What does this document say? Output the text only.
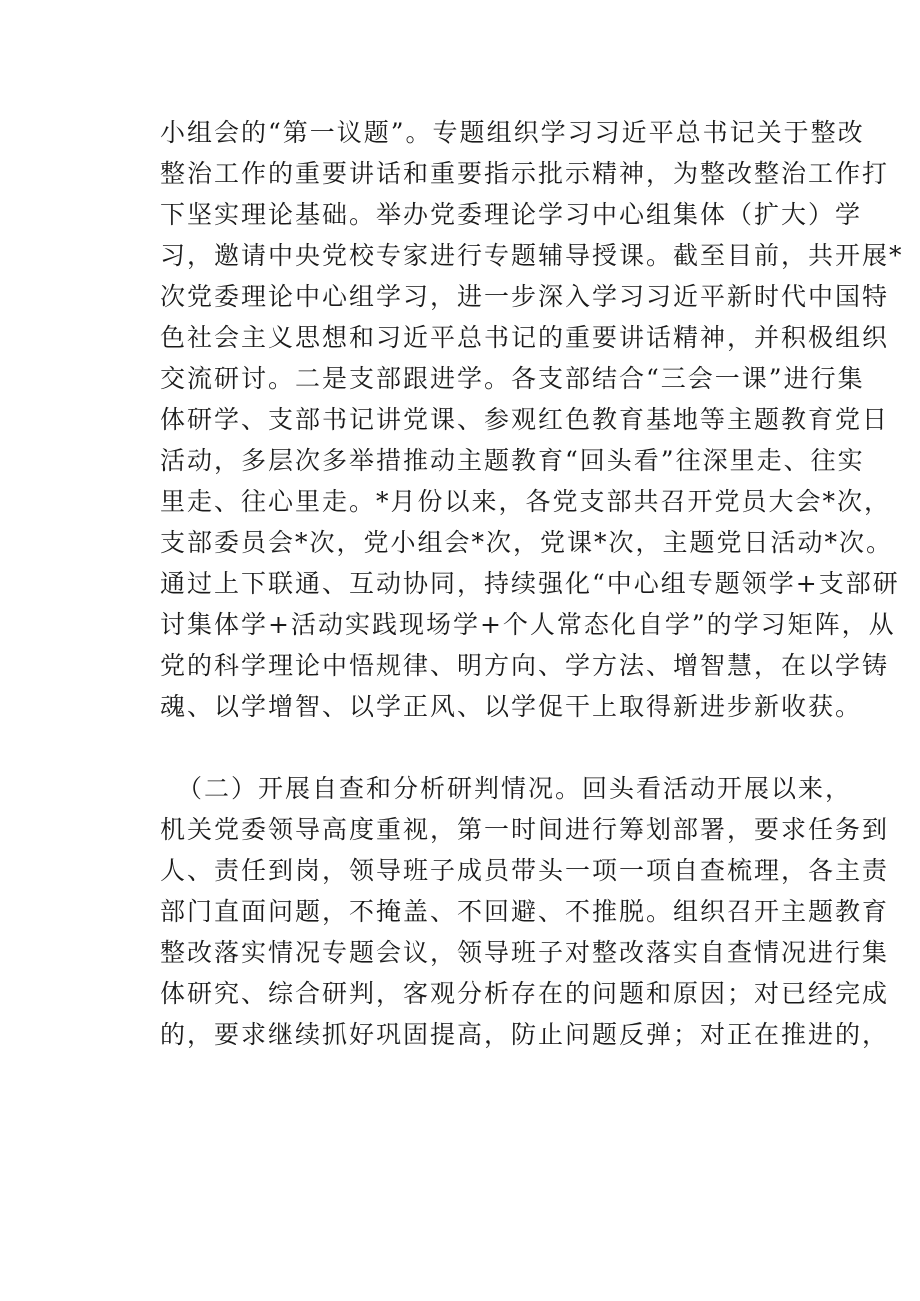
小组会的“第一议题”。专题组织学习习近平总书记关于整改
整治工作的重要讲话和重要指示批示精神，为整改整治工作打
下坚实理论基础。举办党委理论学习中心组集体（扩大）学
习，邀请中央党校专家进行专题辅导授课。截至目前，共开展*
次党委理论中心组学习，进一步深入学习习近平新时代中国特
色社会主义思想和习近平总书记的重要讲话精神，并积极组织
交流研讨。二是支部跟进学。各支部结合“三会一课”进行集
体研学、支部书记讲党课、参观红色教育基地等主题教育党日
活动，多层次多举措推动主题教育“回头看”往深里走、往实
里走、往心里走。*月份以来，各党支部共召开党员大会*次，
支部委员会*次，党小组会*次，党课*次，主题党日活动*次。
通过上下联通、互动协同，持续强化“中心组专题领学+支部研
讨集体学+活动实践现场学+个人常态化自学”的学习矩阵，从
党的科学理论中悟规律、明方向、学方法、增智慧，在以学铸
魂、以学增智、以学正风、以学促干上取得新进步新收获。
（二）开展自查和分析研判情况。回头看活动开展以来，
机关党委领导高度重视，第一时间进行筹划部署，要求任务到
人、责任到岗，领导班子成员带头一项一项自查梳理，各主责
部门直面问题，不掩盖、不回避、不推脱。组织召开主题教育
整改落实情况专题会议，领导班子对整改落实自查情况进行集
体研究、综合研判，客观分析存在的问题和原因；对已经完成
的，要求继续抓好巩固提高，防止问题反弹；对正在推进的，
